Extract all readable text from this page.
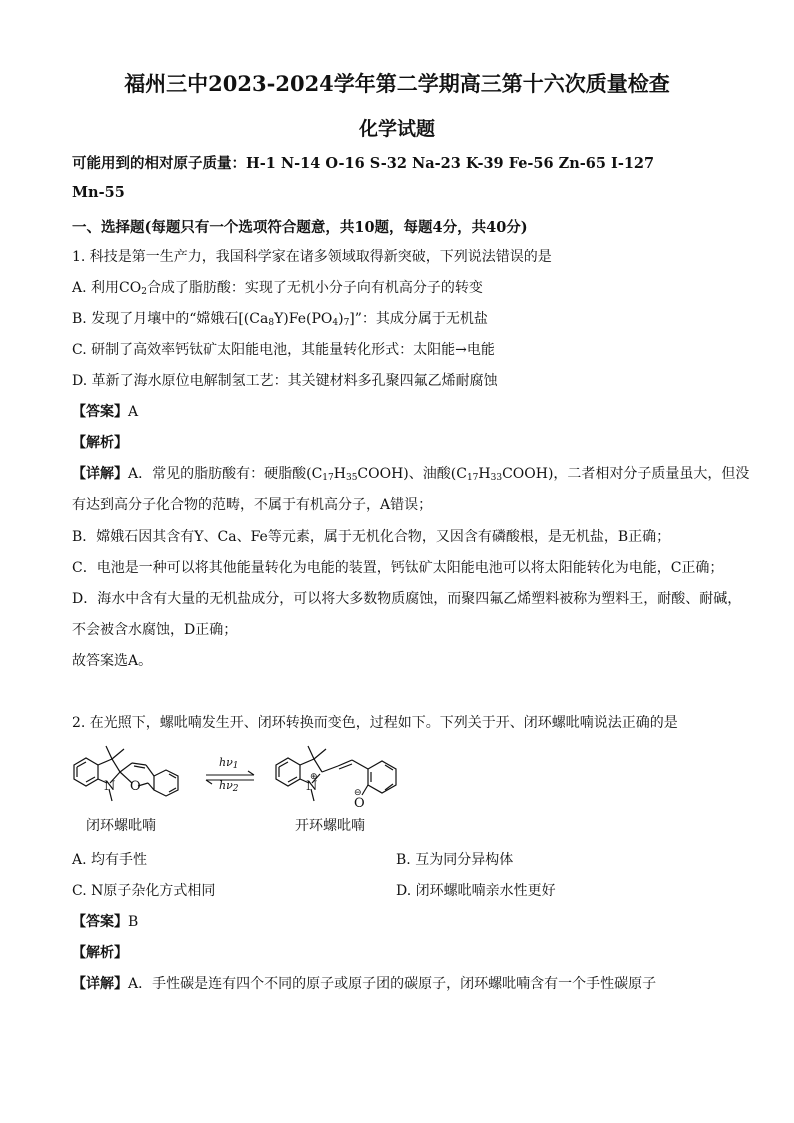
福州三中2023-2024学年第二学期高三第十六次质量检查
化学试题
可能用到的相对原子质量：H-1 N-14 O-16 S-32 Na-23 K-39 Fe-56 Zn-65 I-127
Mn-55
一、选择题(每题只有一个选项符合题意，共10题，每题4分，共40分)
1. 科技是第一生产力，我国科学家在诸多领域取得新突破，下列说法错误的是
A. 利用$CO_2$合成了脂肪酸：实现了无机小分子向有机高分子的转变
B. 发现了月壤中的“嫦娥石$[(Ca_8Y)Fe(PO_4)_7]$”：其成分属于无机盐
C. 研制了高效率钙钛矿太阳能电池，其能量转化形式：太阳能→电能
D. 革新了海水原位电解制氢工艺：其关键材料多孔聚四氟乙烯耐腐蚀
【答案】A
【解析】
【详解】A．常见的脂肪酸有：硬脂酸$(C_{17}H_{35}COOH)$、油酸$(C_{17}H_{33}COOH)$，二者相对分子质量虽大，但没
有达到高分子化合物的范畴，不属于有机高分子，A错误；
B．嫦娥石因其含有Y、Ca、Fe等元素，属于无机化合物，又因含有磷酸根，是无机盐，B正确；
C．电池是一种可以将其他能量转化为电能的装置，钙钛矿太阳能电池可以将太阳能转化为电能，C正确；
D．海水中含有大量的无机盐成分，可以将大多数物质腐蚀，而聚四氟乙烯塑料被称为塑料王，耐酸、耐碱，
不会被含水腐蚀，D正确；
故答案选A。
2. 在光照下，螺吡喃发生开、闭环转换而变色，过程如下。下列关于开、闭环螺吡喃说法正确的是
N O
$h\nu_1$
$h\nu_2$	N
⊕
O
⊖
闭环螺吡喃	开环螺吡喃
A. 均有手性	B. 互为同分异构体
C. N原子杂化方式相同	D. 闭环螺吡喃亲水性更好
【答案】B
【解析】
【详解】A．手性碳是连有四个不同的原子或原子团的碳原子，闭环螺吡喃含有一个手性碳原子
